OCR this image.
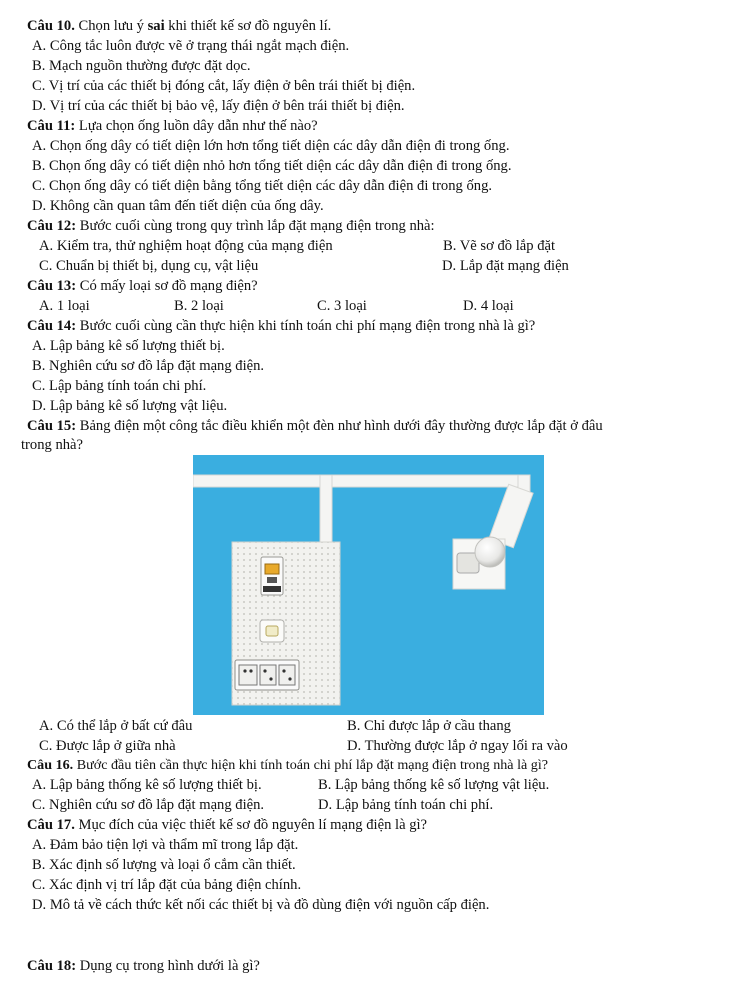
Câu 10. Chọn lưu ý sai khi thiết kế sơ đồ nguyên lí.
A. Công tắc luôn được vẽ ở trạng thái ngắt mạch điện.
B. Mạch nguồn thường được đặt dọc.
C. Vị trí của các thiết bị đóng cắt, lấy điện ở bên trái thiết bị điện.
D. Vị trí của các thiết bị bảo vệ, lấy điện ở bên trái thiết bị điện.
Câu 11: Lựa chọn ống luồn dây dẫn như thế nào?
A. Chọn ống dây có tiết diện lớn hơn tổng tiết diện các dây dẫn điện đi trong ống.
B. Chọn ống dây có tiết diện nhỏ hơn tổng tiết diện các dây dẫn điện đi trong ống.
C. Chọn ống dây có tiết diện bằng tổng tiết diện các dây dẫn điện đi trong ống.
D. Không cần quan tâm đến tiết diện của ống dây.
Câu 12: Bước cuối cùng trong quy trình lắp đặt mạng điện trong nhà:
A. Kiểm tra, thử nghiệm hoạt động của mạng điện	B. Vẽ sơ đồ lắp đặt
C. Chuẩn bị thiết bị, dụng cụ, vật liệu	D. Lắp đặt mạng điện
Câu 13: Có mấy loại sơ đồ mạng điện?
A. 1 loại	B. 2 loại	C. 3 loại	D. 4 loại
Câu 14: Bước cuối cùng cần thực hiện khi tính toán chi phí mạng điện trong nhà là gì?
A. Lập bảng kê số lượng thiết bị.
B. Nghiên cứu sơ đồ lắp đặt mạng điện.
C. Lập bảng tính toán chi phí.
D. Lập bảng kê số lượng vật liệu.
Câu 15: Bảng điện một công tắc điều khiển một đèn như hình dưới đây thường được lắp đặt ở đâu
trong nhà?
A. Có thể lắp ở bất cứ đâu	B. Chỉ được lắp ở cầu thang
C. Được lắp ở giữa nhà	D. Thường được lắp ở ngay lối ra vào
Câu 16. Bước đầu tiên cần thực hiện khi tính toán chi phí lắp đặt mạng điện trong nhà là gì?
A. Lập bảng thống kê số lượng thiết bị.	B. Lập bảng thống kê số lượng vật liệu.
C. Nghiên cứu sơ đồ lắp đặt mạng điện.	D. Lập bảng tính toán chi phí.
Câu 17. Mục đích của việc thiết kế sơ đồ nguyên lí mạng điện là gì?
A. Đảm bảo tiện lợi và thẩm mĩ trong lắp đặt.
B. Xác định số lượng và loại ổ cắm cần thiết.
C. Xác định vị trí lắp đặt của bảng điện chính.
D. Mô tả về cách thức kết nối các thiết bị và đồ dùng điện với nguồn cấp điện.
Câu 18: Dụng cụ trong hình dưới là gì?
